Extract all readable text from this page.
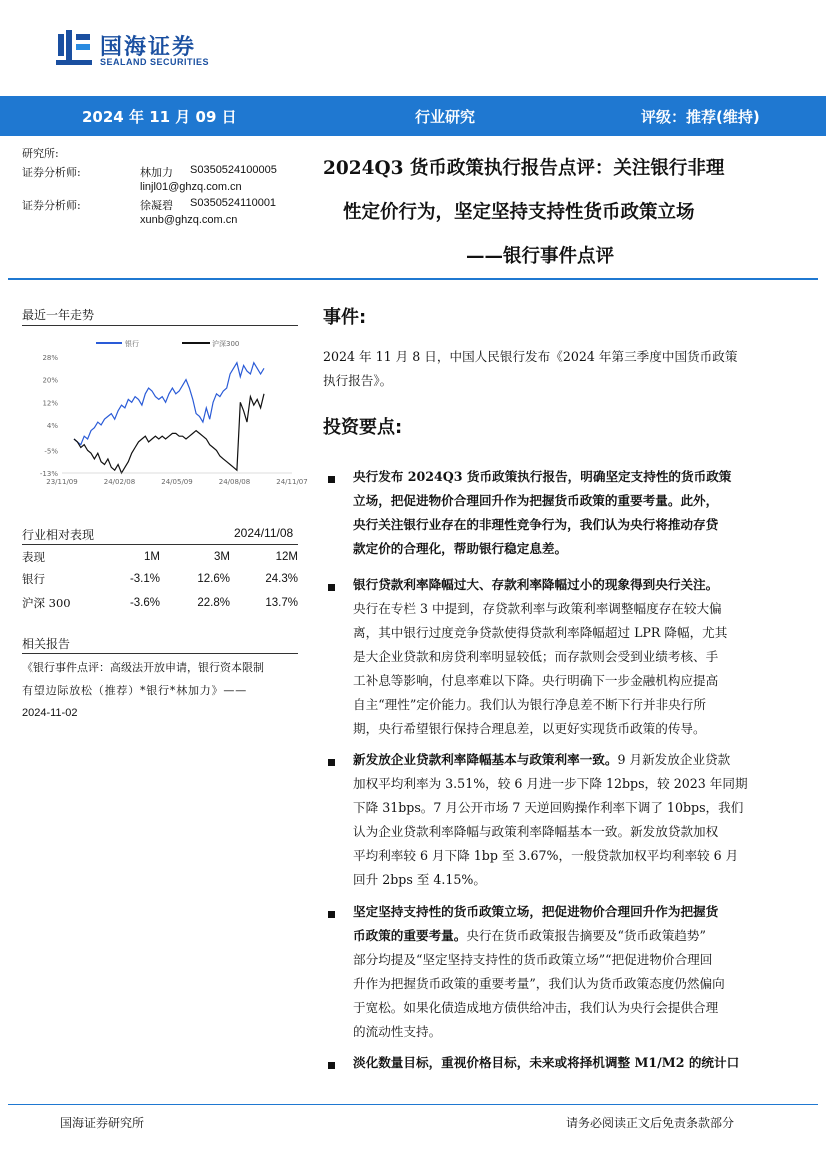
国海证券
SEALAND SECURITIES
2024 年 11 月 09 日	行业研究	评级：推荐(维持)
研究所:
证券分析师:	林加力 S0350524100005
linjl01@ghzq.com.cn
证券分析师:	徐凝碧 S0350524110001
xunb@ghzq.com.cn
2024Q3 货币政策执行报告点评：关注银行非理
性定价行为，坚定坚持支持性货币政策立场
——银行事件点评
最近一年走势
银行	沪深300
28%
20%
12%
4%
-5%
-13%
23/11/09	24/02/08	24/05/09	24/08/08	24/11/07
行业相对表现	2024/11/08
表现	1M	3M	12M
银行	-3.1%	12.6%	24.3%
沪深 300	-3.6%	22.8%	13.7%
相关报告
《银行事件点评：高级法开放申请，银行资本限制
有望边际放松（推荐）*银行*林加力》——
2024-11-02
事件:
2024 年 11 月 8 日，中国人民银行发布《2024 年第三季度中国货币政策
执行报告》。
投资要点:
央行发布 2024Q3 货币政策执行报告，明确坚定支持性的货币政策
立场，把促进物价合理回升作为把握货币政策的重要考量。此外，
央行关注银行业存在的非理性竞争行为，我们认为央行将推动存贷
款定价的合理化，帮助银行稳定息差。
银行贷款利率降幅过大、存款利率降幅过小的现象得到央行关注。
央行在专栏 3 中提到，存贷款利率与政策利率调整幅度存在较大偏
离，其中银行过度竞争贷款使得贷款利率降幅超过 LPR 降幅，尤其
是大企业贷款和房贷利率明显较低；而存款则会受到业绩考核、手
工补息等影响，付息率难以下降。央行明确下一步金融机构应提高
自主“理性”定价能力。我们认为银行净息差不断下行并非央行所
期，央行希望银行保持合理息差，以更好实现货币政策的传导。
新发放企业贷款利率降幅基本与政策利率一致。9 月新发放企业贷款
加权平均利率为 3.51%，较 6 月进一步下降 12bps，较 2023 年同期
下降 31bps。7 月公开市场 7 天逆回购操作利率下调了 10bps，我们
认为企业贷款利率降幅与政策利率降幅基本一致。新发放贷款加权
平均利率较 6 月下降 1bp 至 3.67%，一般贷款加权平均利率较 6 月
回升 2bps 至 4.15%。
坚定坚持支持性的货币政策立场，把促进物价合理回升作为把握货
币政策的重要考量。央行在货币政策报告摘要及“货币政策趋势”
部分均提及“坚定坚持支持性的货币政策立场”“把促进物价合理回
升作为把握货币政策的重要考量”，我们认为货币政策态度仍然偏向
于宽松。如果化债造成地方债供给冲击，我们认为央行会提供合理
的流动性支持。
淡化数量目标，重视价格目标，未来或将择机调整 M1/M2 的统计口
国海证券研究所	请务必阅读正文后免责条款部分
